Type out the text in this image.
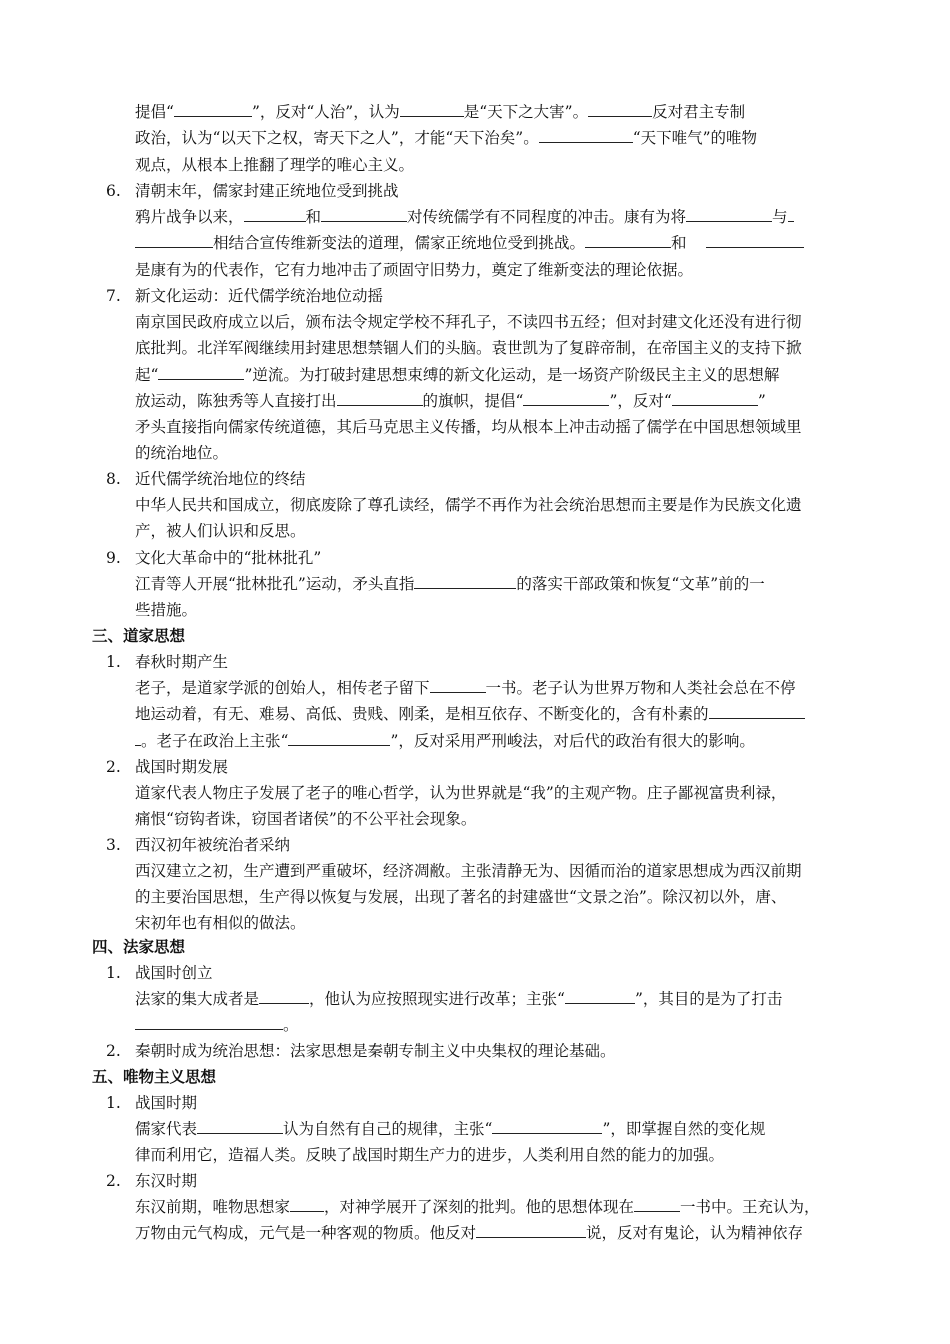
提倡“	”，反对“人治”，认为	是“天下之大害”。	反对君主专制
政治，认为“以天下之权，寄天下之人”，才能“天下治矣”。	“天下唯气”的唯物
观点，从根本上推翻了理学的唯心主义。
6. 清朝末年，儒家封建正统地位受到挑战
鸦片战争以来，	和	对传统儒学有不同程度的冲击。康有为将	与
相结合宣传维新变法的道理，儒家正统地位受到挑战。	和
是康有为的代表作，它有力地冲击了顽固守旧势力，奠定了维新变法的理论依据。
7. 新文化运动：近代儒学统治地位动摇
南京国民政府成立以后，颁布法令规定学校不拜孔子，不读四书五经；但对封建文化还没有进行彻
底批判。北洋军阀继续用封建思想禁锢人们的头脑。袁世凯为了复辟帝制，在帝国主义的支持下掀
起“	”逆流。为打破封建思想束缚的新文化运动，是一场资产阶级民主主义的思想解
放运动，陈独秀等人直接打出	的旗帜，提倡“	”，反对“	”
矛头直接指向儒家传统道德，其后马克思主义传播，均从根本上冲击动摇了儒学在中国思想领域里
的统治地位。
8. 近代儒学统治地位的终结
中华人民共和国成立，彻底废除了尊孔读经，儒学不再作为社会统治思想而主要是作为民族文化遗
产，被人们认识和反思。
9. 文化大革命中的“批林批孔”
江青等人开展“批林批孔”运动，矛头直指	的落实干部政策和恢复“文革”前的一
些措施。
三、道家思想
1. 春秋时期产生
老子，是道家学派的创始人，相传老子留下	一书。老子认为世界万物和人类社会总在不停
地运动着，有无、难易、高低、贵贱、刚柔，是相互依存、不断变化的，含有朴素的
。老子在政治上主张“	”，反对采用严刑峻法，对后代的政治有很大的影响。
2. 战国时期发展
道家代表人物庄子发展了老子的唯心哲学，认为世界就是“我”的主观产物。庄子鄙视富贵利禄，
痛恨“窃钩者诛，窃国者诸侯”的不公平社会现象。
3. 西汉初年被统治者采纳
西汉建立之初，生产遭到严重破坏，经济凋敝。主张清静无为、因循而治的道家思想成为西汉前期
的主要治国思想，生产得以恢复与发展，出现了著名的封建盛世“文景之治”。除汉初以外，唐、
宋初年也有相似的做法。
四、法家思想
1. 战国时创立
法家的集大成者是	，他认为应按照现实进行改革；主张“	”，其目的是为了打击
。
2. 秦朝时成为统治思想：法家思想是秦朝专制主义中央集权的理论基础。
五、唯物主义思想
1. 战国时期
儒家代表	认为自然有自己的规律，主张“	”，即掌握自然的变化规
律而利用它，造福人类。反映了战国时期生产力的进步，人类利用自然的能力的加强。
2. 东汉时期
东汉前期，唯物思想家 ，对神学展开了深刻的批判。他的思想体现在	一书中。王充认为，
万物由元气构成，元气是一种客观的物质。他反对	说，反对有鬼论，认为精神依存
